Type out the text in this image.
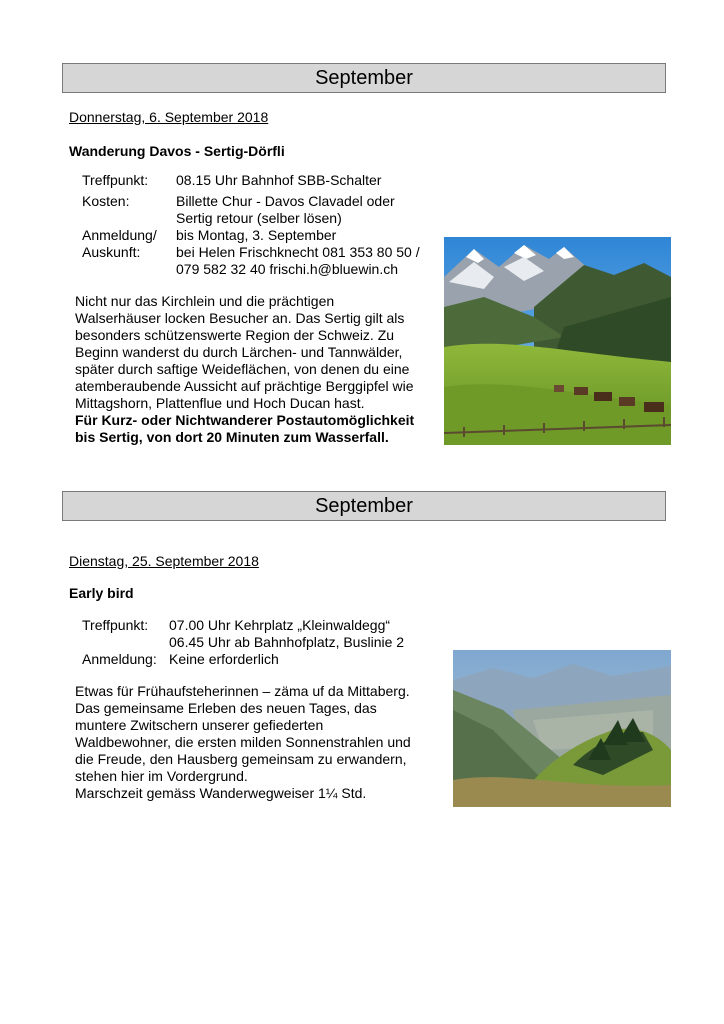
September
Donnerstag, 6. September 2018
Wanderung Davos - Sertig-Dörfli
Treffpunkt: 08.15 Uhr Bahnhof SBB-Schalter
Kosten:	Billette Chur - Davos Clavadel oder
Sertig retour (selber lösen)
Anmeldung/ bis Montag, 3. September
Auskunft:	bei Helen Frischknecht 081 353 80 50 /
079 582 32 40 frischi.h@bluewin.ch
Nicht nur das Kirchlein und die prächtigen
Walserhäuser locken Besucher an. Das Sertig gilt als
besonders schützenswerte Region der Schweiz. Zu
Beginn wanderst du durch Lärchen- und Tannwälder,
später durch saftige Weideflächen, von denen du eine
atemberaubende Aussicht auf prächtige Berggipfel wie
Mittagshorn, Plattenflue und Hoch Ducan hast.
Für Kurz- oder Nichtwanderer Postautomöglichkeit
bis Sertig, von dort 20 Minuten zum Wasserfall.
September
Dienstag, 25. September 2018
Early bird
Treffpunkt: 07.00 Uhr Kehrplatz „Kleinwaldegg“
06.45 Uhr ab Bahnhofplatz, Buslinie 2
Anmeldung: Keine erforderlich
Etwas für Frühaufsteherinnen – zäma uf da Mittaberg.
Das gemeinsame Erleben des neuen Tages, das
muntere Zwitschern unserer gefiederten
Waldbewohner, die ersten milden Sonnenstrahlen und
die Freude, den Hausberg gemeinsam zu erwandern,
stehen hier im Vordergrund.
Marschzeit gemäss Wanderwegweiser 1¼ Std.
